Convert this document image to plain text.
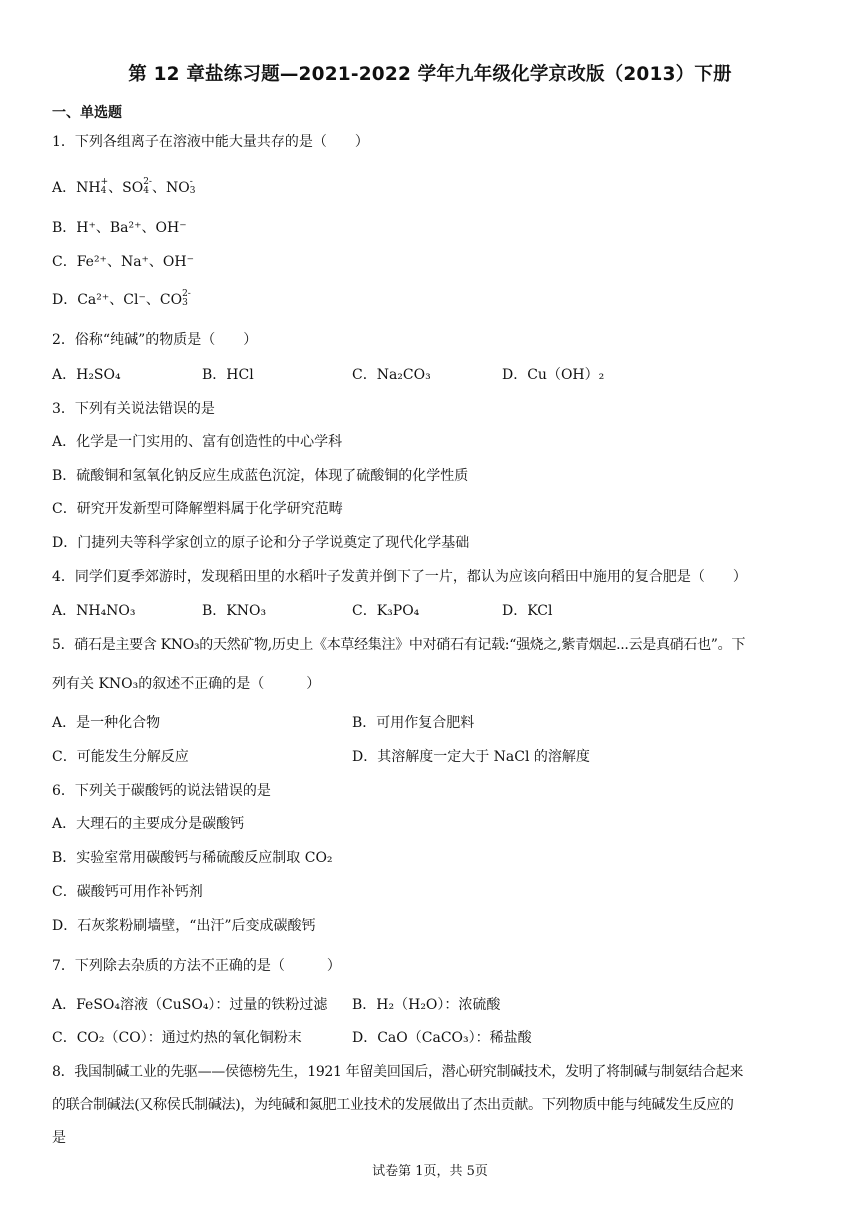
第 12 章盐练习题—2021-2022 学年九年级化学京改版（2013）下册
一、单选题
1．下列各组离子在溶液中能大量共存的是（　　）
A．NH +
4 、SO 2-
4 、NO -
3
B．H⁺、Ba²⁺、OH⁻
C．Fe²⁺、Na⁺、OH⁻
D．Ca²⁺、Cl⁻、CO 2-
3
2．俗称“纯碱”的物质是（　　）
A．H₂SO₄	B．HCl	C．Na₂CO₃	D．Cu（OH）₂
3．下列有关说法错误的是
A．化学是一门实用的、富有创造性的中心学科
B．硫酸铜和氢氧化钠反应生成蓝色沉淀，体现了硫酸铜的化学性质
C．研究开发新型可降解塑料属于化学研究范畴
D．门捷列夫等科学家创立的原子论和分子学说奠定了现代化学基础
4．同学们夏季郊游时，发现稻田里的水稻叶子发黄并倒下了一片，都认为应该向稻田中施用的复合肥是（　　）
A．NH₄NO₃	B．KNO₃	C．K₃PO₄	D．KCl
5．硝石是主要含 KNO₃的天然矿物,历史上《本草经集注》中对硝石有记载:“强烧之,紫青烟起...云是真硝石也”。下
列有关 KNO₃的叙述不正确的是（　　　）
A．是一种化合物	B．可用作复合肥料
C．可能发生分解反应	D．其溶解度一定大于 NaCl 的溶解度
6．下列关于碳酸钙的说法错误的是
A．大理石的主要成分是碳酸钙
B．实验室常用碳酸钙与稀硫酸反应制取 CO₂
C．碳酸钙可用作补钙剂
D．石灰浆粉刷墙壁，“出汗”后变成碳酸钙
7．下列除去杂质的方法不正确的是（　　　）
A．FeSO₄溶液（CuSO₄）：过量的铁粉过滤 B．H₂（H₂O）：浓硫酸
C．CO₂（CO）：通过灼热的氧化铜粉末	D．CaO（CaCO₃）：稀盐酸
8．我国制碱工业的先驱——侯德榜先生，1921 年留美回国后，潜心研究制碱技术，发明了将制碱与制氨结合起来
的联合制碱法(又称侯氏制碱法)，为纯碱和氮肥工业技术的发展做出了杰出贡献。下列物质中能与纯碱发生反应的
是
试卷第 1页，共 5页
